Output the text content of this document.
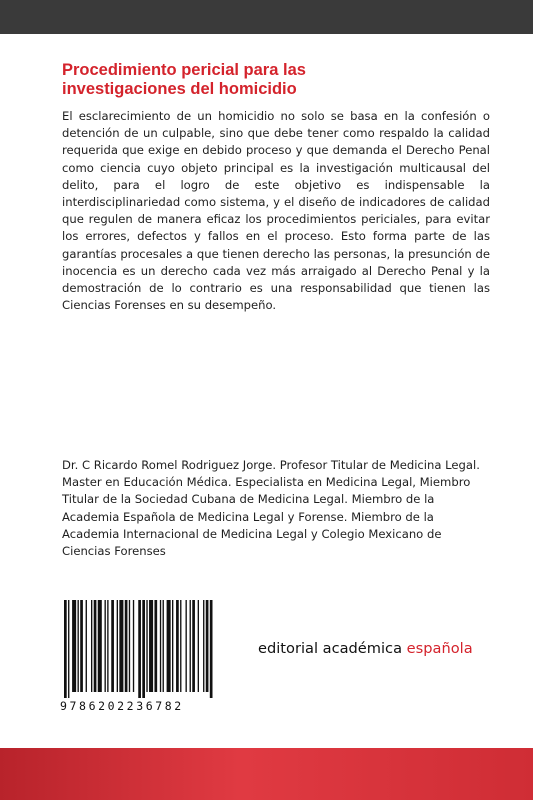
Procedimiento pericial para las
investigaciones del homicidio

El esclarecimiento de un homicidio no solo se basa en la confesión o detención de un culpable, sino que debe tener como respaldo la calidad requerida que exige en debido proceso y que demanda el Derecho Penal como ciencia cuyo objeto principal es la investigación multicausal del delito, para el logro de este objetivo es indispensable la interdisciplinariedad como sistema, y el diseño de indicadores de calidad que regulen de manera eficaz los procedimientos periciales, para evitar los errores, defectos y fallos en el proceso. Esto forma parte de las garantías procesales a que tienen derecho las personas, la presunción de inocencia es un derecho cada vez más arraigado al Derecho Penal y la demostración de lo contrario es una responsabilidad que tienen las Ciencias Forenses en su desempeño.

Dr. C Ricardo Romel Rodriguez Jorge. Profesor Titular de Medicina Legal. Master en Educación Médica. Especialista en Medicina Legal, Miembro Titular de la Sociedad Cubana de Medicina Legal. Miembro de la Academia Española de Medicina Legal y Forense. Miembro de la Academia Internacional de Medicina Legal y Colegio Mexicano de Ciencias Forenses

9786202236782
editorial académica española
